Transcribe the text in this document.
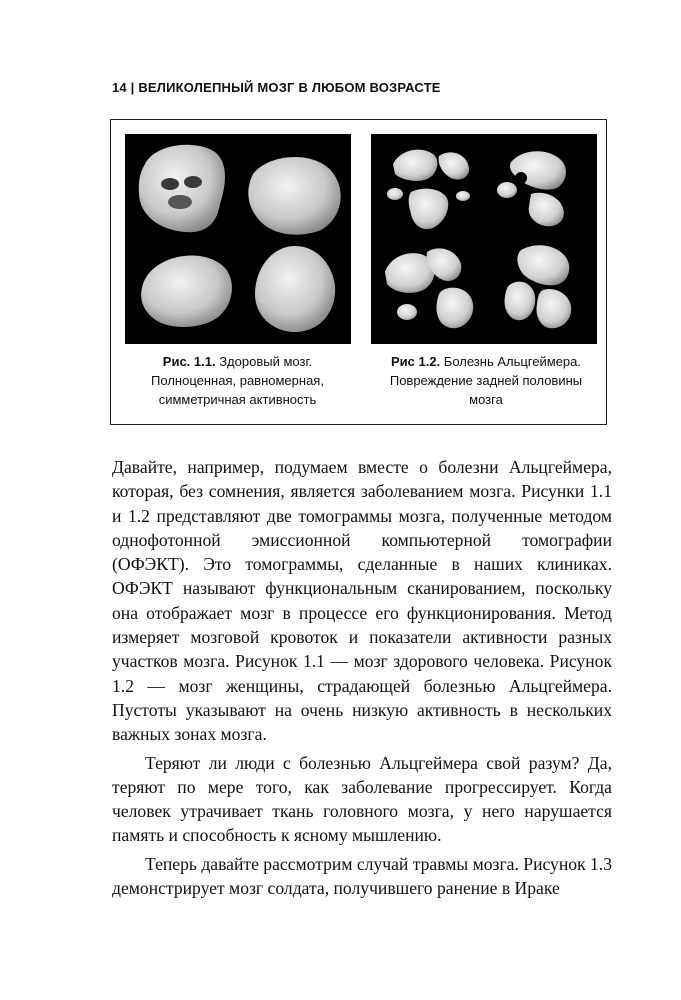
14 | ВЕЛИКОЛЕПНЫЙ МОЗГ В ЛЮБОМ ВОЗРАСТЕ
Рис. 1.1. Здоровый мозг.
Полноценная, равномерная,
симметричная активность
Рис 1.2. Болезнь Альцгеймера.
Повреждение задней половины
мозга

Давайте, например, подумаем вместе о болезни Альцгеймера, которая, без сомнения, является заболеванием мозга. Рисунки 1.1 и 1.2 представляют две томограммы мозга, полученные методом однофотонной эмиссионной компьютерной томографии (ОФЭКТ). Это томограммы, сделанные в наших клиниках. ОФЭКТ называют функциональным сканированием, поскольку она отображает мозг в процессе его функционирования. Метод измеряет мозговой кровоток и показатели активности разных участков мозга. Рисунок 1.1 — мозг здорового человека. Рисунок 1.2 — мозг женщины, страдающей болезнью Альцгеймера. Пустоты указывают на очень низкую активность в нескольких важных зонах мозга.

Теряют ли люди с болезнью Альцгеймера свой разум? Да, теряют по мере того, как заболевание прогрессирует. Когда человек утрачивает ткань головного мозга, у него нарушается память и способность к ясному мышлению.

Теперь давайте рассмотрим случай травмы мозга. Рисунок 1.3 демонстрирует мозг солдата, получившего ранение в Ираке
